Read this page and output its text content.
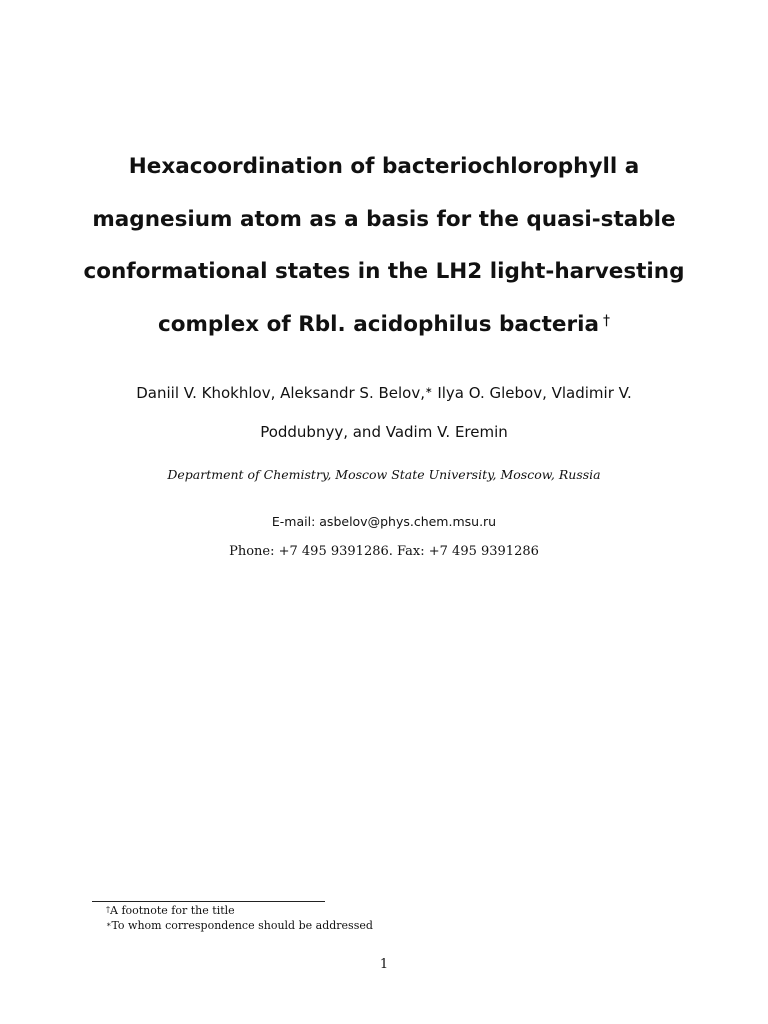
Hexacoordination of bacteriochlorophyll a
magnesium atom as a basis for the quasi-stable
conformational states in the LH2 light-harvesting
complex of Rbl. acidophilus bacteria †
Daniil V. Khokhlov, Aleksandr S. Belov,∗ Ilya O. Glebov, Vladimir V.
Poddubnyy, and Vadim V. Eremin
Department of Chemistry, Moscow State University, Moscow, Russia
E-mail: asbelov@phys.chem.msu.ru
Phone: +7 495 9391286. Fax: +7 495 9391286
†A footnote for the title
∗To whom correspondence should be addressed
1
